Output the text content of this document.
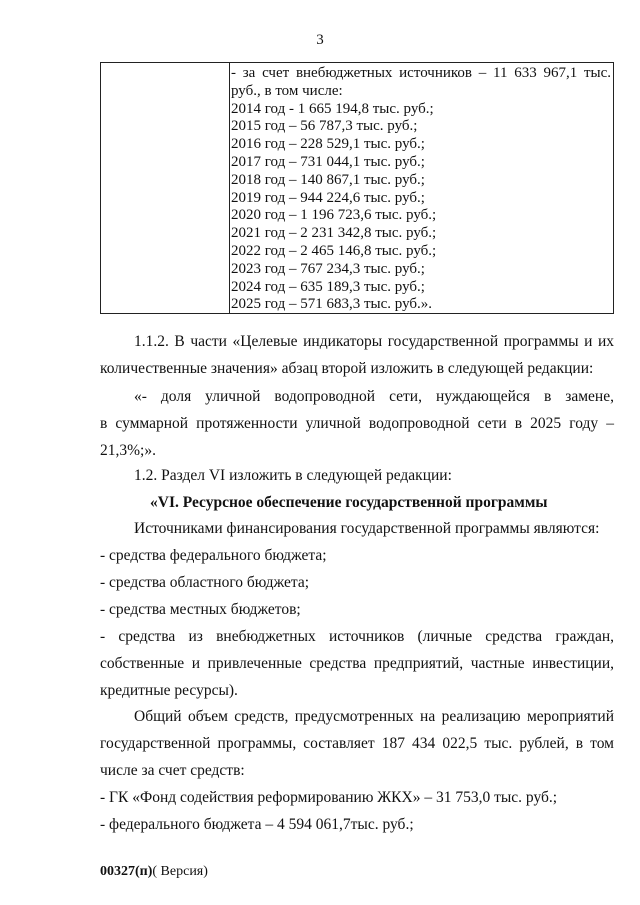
3
- за счет внебюджетных источников – 11 633 967,1 тыс.
руб., в том числе:
2014 год - 1 665 194,8 тыс. руб.;
2015 год – 56 787,3 тыс. руб.;
2016 год – 228 529,1 тыс. руб.;
2017 год – 731 044,1 тыс. руб.;
2018 год – 140 867,1 тыс. руб.;
2019 год – 944 224,6 тыс. руб.;
2020 год – 1 196 723,6 тыс. руб.;
2021 год – 2 231 342,8 тыс. руб.;
2022 год – 2 465 146,8 тыс. руб.;
2023 год – 767 234,3 тыс. руб.;
2024 год – 635 189,3 тыс. руб.;
2025 год – 571 683,3 тыс. руб.».
1.1.2. В части «Целевые индикаторы государственной программы и их
количественные значения» абзац второй изложить в следующей редакции:
«- доля уличной водопроводной сети, нуждающейся в замене,
в суммарной протяженности уличной водопроводной сети в 2025 году –
21,3%;».
1.2. Раздел VI изложить в следующей редакции:
«VI. Ресурсное обеспечение государственной программы
Источниками финансирования государственной программы являются:
- средства федерального бюджета;
- средства областного бюджета;
- средства местных бюджетов;
- средства из внебюджетных источников (личные средства граждан,
собственные и привлеченные средства предприятий, частные инвестиции,
кредитные ресурсы).
Общий объем средств, предусмотренных на реализацию мероприятий
государственной программы, составляет 187 434 022,5 тыс. рублей, в том
числе за счет средств:
- ГК «Фонд содействия реформированию ЖКХ» – 31 753,0 тыс. руб.;
- федерального бюджета – 4 594 061,7тыс. руб.;
00327(п)( Версия)
